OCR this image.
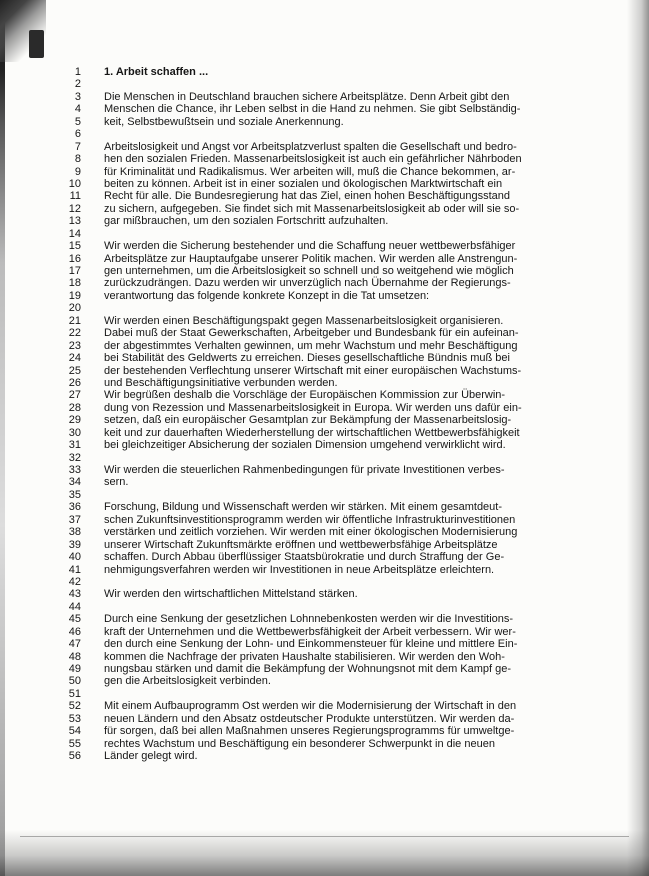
1 1. Arbeit schaffen ...
2
3 Die Menschen in Deutschland brauchen sichere Arbeitsplätze. Denn Arbeit gibt den
4 Menschen die Chance, ihr Leben selbst in die Hand zu nehmen. Sie gibt Selbständig-
5 keit, Selbstbewußtsein und soziale Anerkennung.
6
7 Arbeitslosigkeit und Angst vor Arbeitsplatzverlust spalten die Gesellschaft und bedro-
8 hen den sozialen Frieden. Massenarbeitslosigkeit ist auch ein gefährlicher Nährboden
9 für Kriminalität und Radikalismus. Wer arbeiten will, muß die Chance bekommen, ar-
10 beiten zu können. Arbeit ist in einer sozialen und ökologischen Marktwirtschaft ein
11 Recht für alle. Die Bundesregierung hat das Ziel, einen hohen Beschäftigungsstand
12 zu sichern, aufgegeben. Sie findet sich mit Massenarbeitslosigkeit ab oder will sie so-
13 gar mißbrauchen, um den sozialen Fortschritt aufzuhalten.
14
15 Wir werden die Sicherung bestehender und die Schaffung neuer wettbewerbsfähiger
16 Arbeitsplätze zur Hauptaufgabe unserer Politik machen. Wir werden alle Anstrengun-
17 gen unternehmen, um die Arbeitslosigkeit so schnell und so weitgehend wie möglich
18 zurückzudrängen. Dazu werden wir unverzüglich nach Übernahme der Regierungs-
19 verantwortung das folgende konkrete Konzept in die Tat umsetzen:
20
21 Wir werden einen Beschäftigungspakt gegen Massenarbeitslosigkeit organisieren.
22 Dabei muß der Staat Gewerkschaften, Arbeitgeber und Bundesbank für ein aufeinan-
23 der abgestimmtes Verhalten gewinnen, um mehr Wachstum und mehr Beschäftigung
24 bei Stabilität des Geldwerts zu erreichen. Dieses gesellschaftliche Bündnis muß bei
25 der bestehenden Verflechtung unserer Wirtschaft mit einer europäischen Wachstums-
26 und Beschäftigungsinitiative verbunden werden.
27 Wir begrüßen deshalb die Vorschläge der Europäischen Kommission zur Überwin-
28 dung von Rezession und Massenarbeitslosigkeit in Europa. Wir werden uns dafür ein-
29 setzen, daß ein europäischer Gesamtplan zur Bekämpfung der Massenarbeitslosig-
30 keit und zur dauerhaften Wiederherstellung der wirtschaftlichen Wettbewerbsfähigkeit
31 bei gleichzeitiger Absicherung der sozialen Dimension umgehend verwirklicht wird.
32
33 Wir werden die steuerlichen Rahmenbedingungen für private Investitionen verbes-
34 sern.
35
36 Forschung, Bildung und Wissenschaft werden wir stärken. Mit einem gesamtdeut-
37 schen Zukunftsinvestitionsprogramm werden wir öffentliche Infrastrukturinvestitionen
38 verstärken und zeitlich vorziehen. Wir werden mit einer ökologischen Modernisierung
39 unserer Wirtschaft Zukunftsmärkte eröffnen und wettbewerbsfähige Arbeitsplätze
40 schaffen. Durch Abbau überflüssiger Staatsbürokratie und durch Straffung der Ge-
41 nehmigungsverfahren werden wir Investitionen in neue Arbeitsplätze erleichtern.
42
43 Wir werden den wirtschaftlichen Mittelstand stärken.
44
45 Durch eine Senkung der gesetzlichen Lohnnebenkosten werden wir die Investitions-
46 kraft der Unternehmen und die Wettbewerbsfähigkeit der Arbeit verbessern. Wir wer-
47 den durch eine Senkung der Lohn- und Einkommensteuer für kleine und mittlere Ein-
48 kommen die Nachfrage der privaten Haushalte stabilisieren. Wir werden den Woh-
49 nungsbau stärken und damit die Bekämpfung der Wohnungsnot mit dem Kampf ge-
50 gen die Arbeitslosigkeit verbinden.
51
52 Mit einem Aufbauprogramm Ost werden wir die Modernisierung der Wirtschaft in den
53 neuen Ländern und den Absatz ostdeutscher Produkte unterstützen. Wir werden da-
54 für sorgen, daß bei allen Maßnahmen unseres Regierungsprogramms für umweltge-
55 rechtes Wachstum und Beschäftigung ein besonderer Schwerpunkt in die neuen
56 Länder gelegt wird.
